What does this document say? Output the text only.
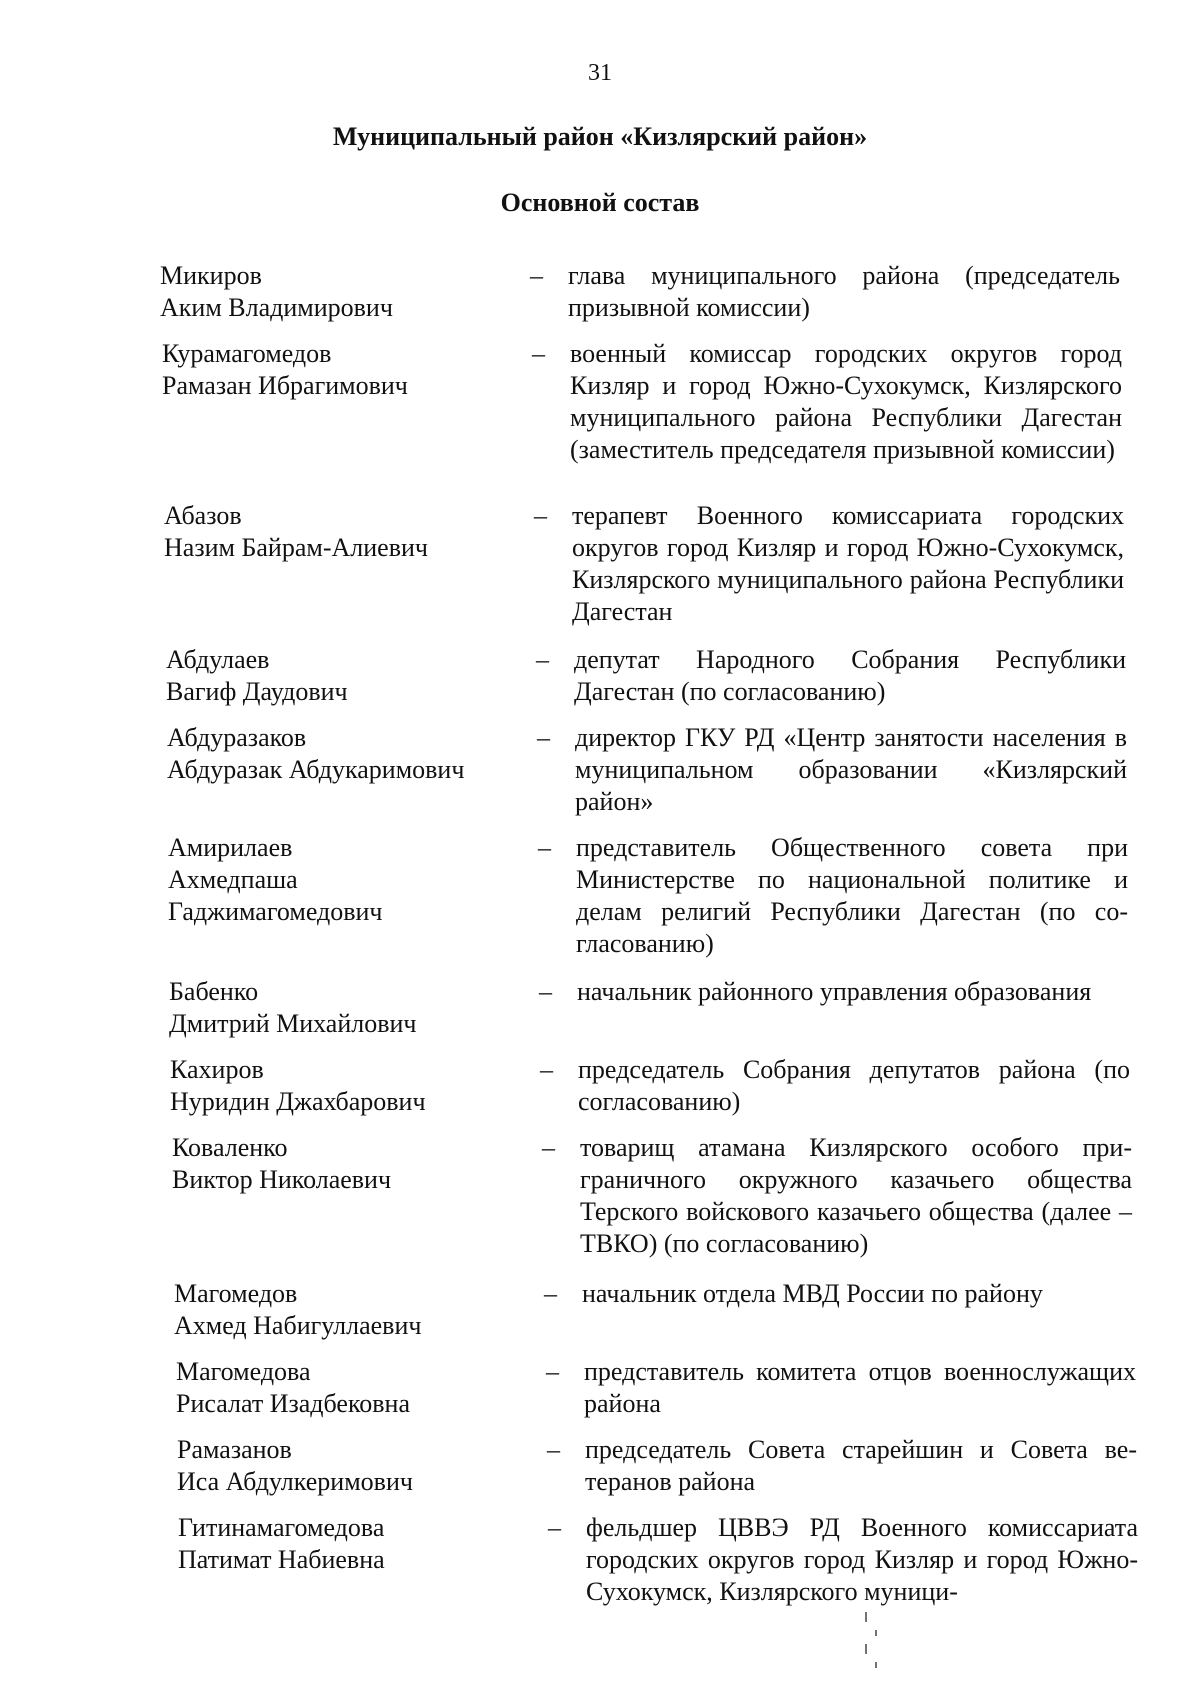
31
Муниципальный район «Кизлярский район»
Основной состав
Микиров
Аким Владимирович
– глава муниципального района (председатель призывной комиссии)
Курамагомедов
Рамазан Ибрагимович
– военный комиссар городских округов город Кизляр и город Южно-Сухокумск, Кизлярского муниципального района Республики Дагестан (заместитель председателя призывной комиссии)
Абазов
Назим Байрам-Алиевич
– терапевт Военного комиссариата городских округов город Кизляр и город Южно-Сухокумск, Кизлярского муниципального района Республики Дагестан
Абдулаев
Вагиф Даудович
– депутат Народного Собрания Республики Дагестан (по согласованию)
Абдуразаков
Абдуразак Абдукаримович
– директор ГКУ РД «Центр занятости населения в муниципальном образовании «Кизлярский район»
Амирилаев
Ахмедпаша
Гаджимагомедович
– представитель Общественного совета при Министерстве по национальной политике и делам религий Республики Дагестан (по согласованию)
Бабенко
Дмитрий Михайлович
– начальник районного управления образования
Кахиров
Нуридин Джахбарович
– председатель Собрания депутатов района (по согласованию)
Коваленко
Виктор Николаевич
– товарищ атамана Кизлярского особого приграничного окружного казачьего общества Терского войскового казачьего общества (далее – ТВКО) (по согласованию)
Магомедов
Ахмед Набигуллаевич
– начальник отдела МВД России по району
Магомедова
Рисалат Изадбековна
– представитель комитета отцов военнослужащих района
Рамазанов
Иса Абдулкеримович
– председатель Совета старейшин и Совета ветеранов района
Гитинамагомедова
Патимат Набиевна
– фельдшер ЦВВЭ РД Военного комиссариата городских округов город Кизляр и город Южно-Сухокумск, Кизлярского муници-
